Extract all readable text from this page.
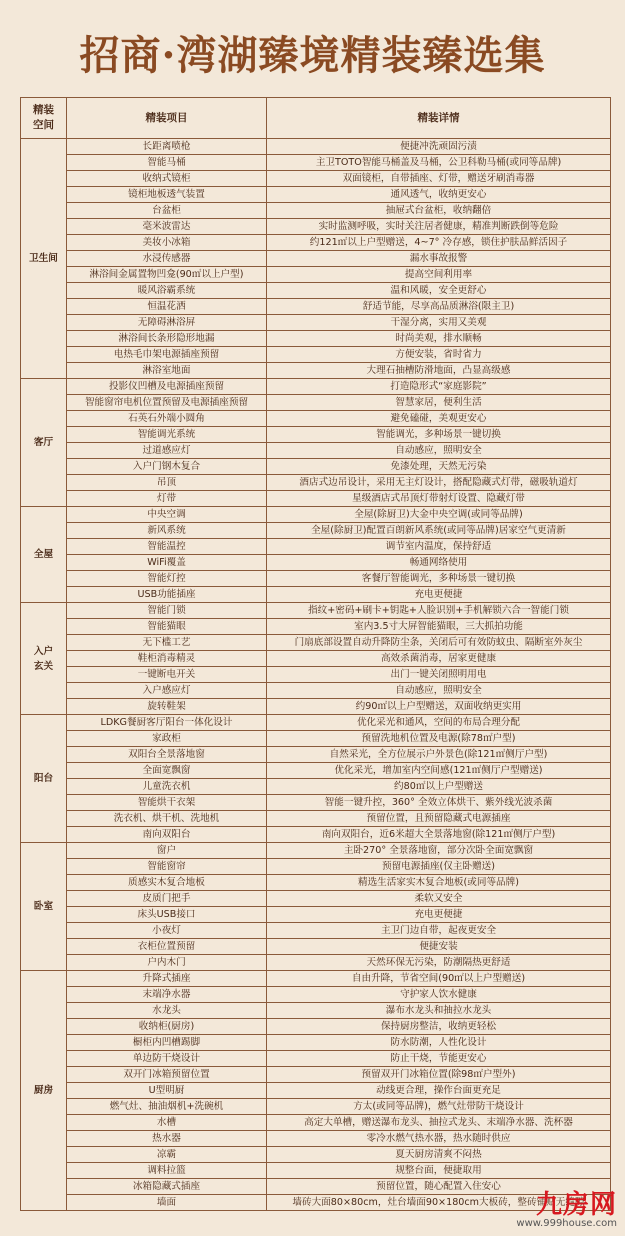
招商·湾湖臻境精装臻选集
精装
空间	精装项目	精装详情
卫生间	长距离喷枪	便捷冲洗顽固污渍
	智能马桶	主卫TOTO智能马桶盖及马桶，公卫科勒马桶(或同等品牌)
	收纳式镜柜	双面镜柜，自带插座、灯带，赠送牙刷消毒器
	镜柜地板透气装置	通风透气，收纳更安心
	台盆柜	抽屉式台盆柜，收纳翻倍
	毫米波雷达	实时监测呼吸，实时关注居者健康，精准判断跌倒等危险
	美妆小冰箱	约121㎡以上户型赠送，4~7° 冷存感，锁住护肤品鲜活因子
	水浸传感器	漏水事故报警
	淋浴间金属置物凹龛(90㎡以上户型)	提高空间利用率
	暖风浴霸系统	温和风暖，安全更舒心
	恒温花洒	舒适节能，尽享高品质淋浴(限主卫)
	无障碍淋浴屏	干湿分离，实用又美观
	淋浴间长条形隐形地漏	时尚美观，排水顺畅
	电热毛巾架电源插座预留	方便安装，省时省力
	淋浴室地面	大理石抽槽防滑地面，凸显高级感
客厅	投影仪凹槽及电源插座预留	打造隐形式“家庭影院”
	智能窗帘电机位置预留及电源插座预留	智慧家居，便利生活
	石英石外端小圆角	避免磕碰，美观更安心
	智能调光系统	智能调光，多种场景一键切换
	过道感应灯	自动感应，照明安全
	入户门钢木复合	免漆处理，天然无污染
	吊顶	酒店式边吊设计，采用无主灯设计，搭配隐藏式灯带，磁吸轨道灯
	灯带	星级酒店式吊顶灯带射灯设置、隐藏灯带
全屋	中央空调	全屋(除厨卫)大金中央空调(或同等品牌)
	新风系统	全屋(除厨卫)配置百朗新风系统(或同等品牌)居家空气更清新
	智能温控	调节室内温度，保持舒适
	WiFi覆盖	畅通网络使用
	智能灯控	客餐厅智能调光，多种场景一键切换
	USB功能插座	充电更便捷
入户
玄关	智能门锁	指纹+密码+刷卡+钥匙+人脸识别+手机解锁六合一智能门锁
	智能猫眼	室内3.5寸大屏智能猫眼，三大抓拍功能
	无下槛工艺	门扇底部设置自动升降防尘条，关闭后可有效防蚊虫、隔断室外灰尘
	鞋柜消毒精灵	高效杀菌消毒，居家更健康
	一键断电开关	出门一键关闭照明用电
	入户感应灯	自动感应，照明安全
	旋转鞋架	约90㎡以上户型赠送，双面收纳更实用
阳台	LDKG餐厨客厅阳台一体化设计	优化采光和通风，空间的布局合理分配
	家政柜	预留洗地机位置及电源(除78㎡户型)
	双阳台全景落地窗	自然采光，全方位展示户外景色(除121㎡侧厅户型)
	全面宽飘窗	优化采光，增加室内空间感(121㎡侧厅户型赠送)
	儿童洗衣机	约80㎡以上户型赠送
	智能烘干衣架	智能一键升控，360° 全效立体烘干、紫外线光波杀菌
	洗衣机、烘干机、洗地机	预留位置，且预留隐藏式电源插座
	南向双阳台	南向双阳台，近6米超大全景落地窗(除121㎡侧厅户型)
卧室	窗户	主卧270° 全景落地窗，部分次卧全面宽飘窗
	智能窗帘	预留电源插座(仅主卧赠送)
	质感实木复合地板	精选生活家实木复合地板(或同等品牌)
	皮质门把手	柔软又安全
	床头USB接口	充电更便捷
	小夜灯	主卫门边自带，起夜更安全
	衣柜位置预留	便捷安装
	户内木门	天然环保无污染，防潮隔热更舒适
厨房	升降式插座	自由升降，节省空间(90㎡以上户型赠送)
	末端净水器	守护家人饮水健康
	水龙头	瀑布水龙头和抽拉水龙头
	收纳柜(厨房)	保持厨房整洁，收纳更轻松
	橱柜内凹槽踢脚	防水防潮，人性化设计
	单边防干烧设计	防止干烧，节能更安心
	双开门冰箱预留位置	预留双开门冰箱位置(除98㎡户型外)
	U型明厨	动线更合理，操作台面更充足
	燃气灶、抽油烟机+洗碗机	方太(或同等品牌)，燃气灶带防干烧设计
	水槽	高定大单槽，赠送瀑布龙头、抽拉式龙头、末端净水器、洗杯器
	热水器	零冷水燃气热水器，热水随时供应
	凉霸	夏天厨房清爽不闷热
	调料拉篮	规整台面，便捷取用
	冰箱隐藏式插座	预留位置，随心配置入住安心
	墙面	墙砖大面80×80cm，灶台墙面90×180cm大板砖，整砖铺贴无缝隙
九房网
www.999house.com
